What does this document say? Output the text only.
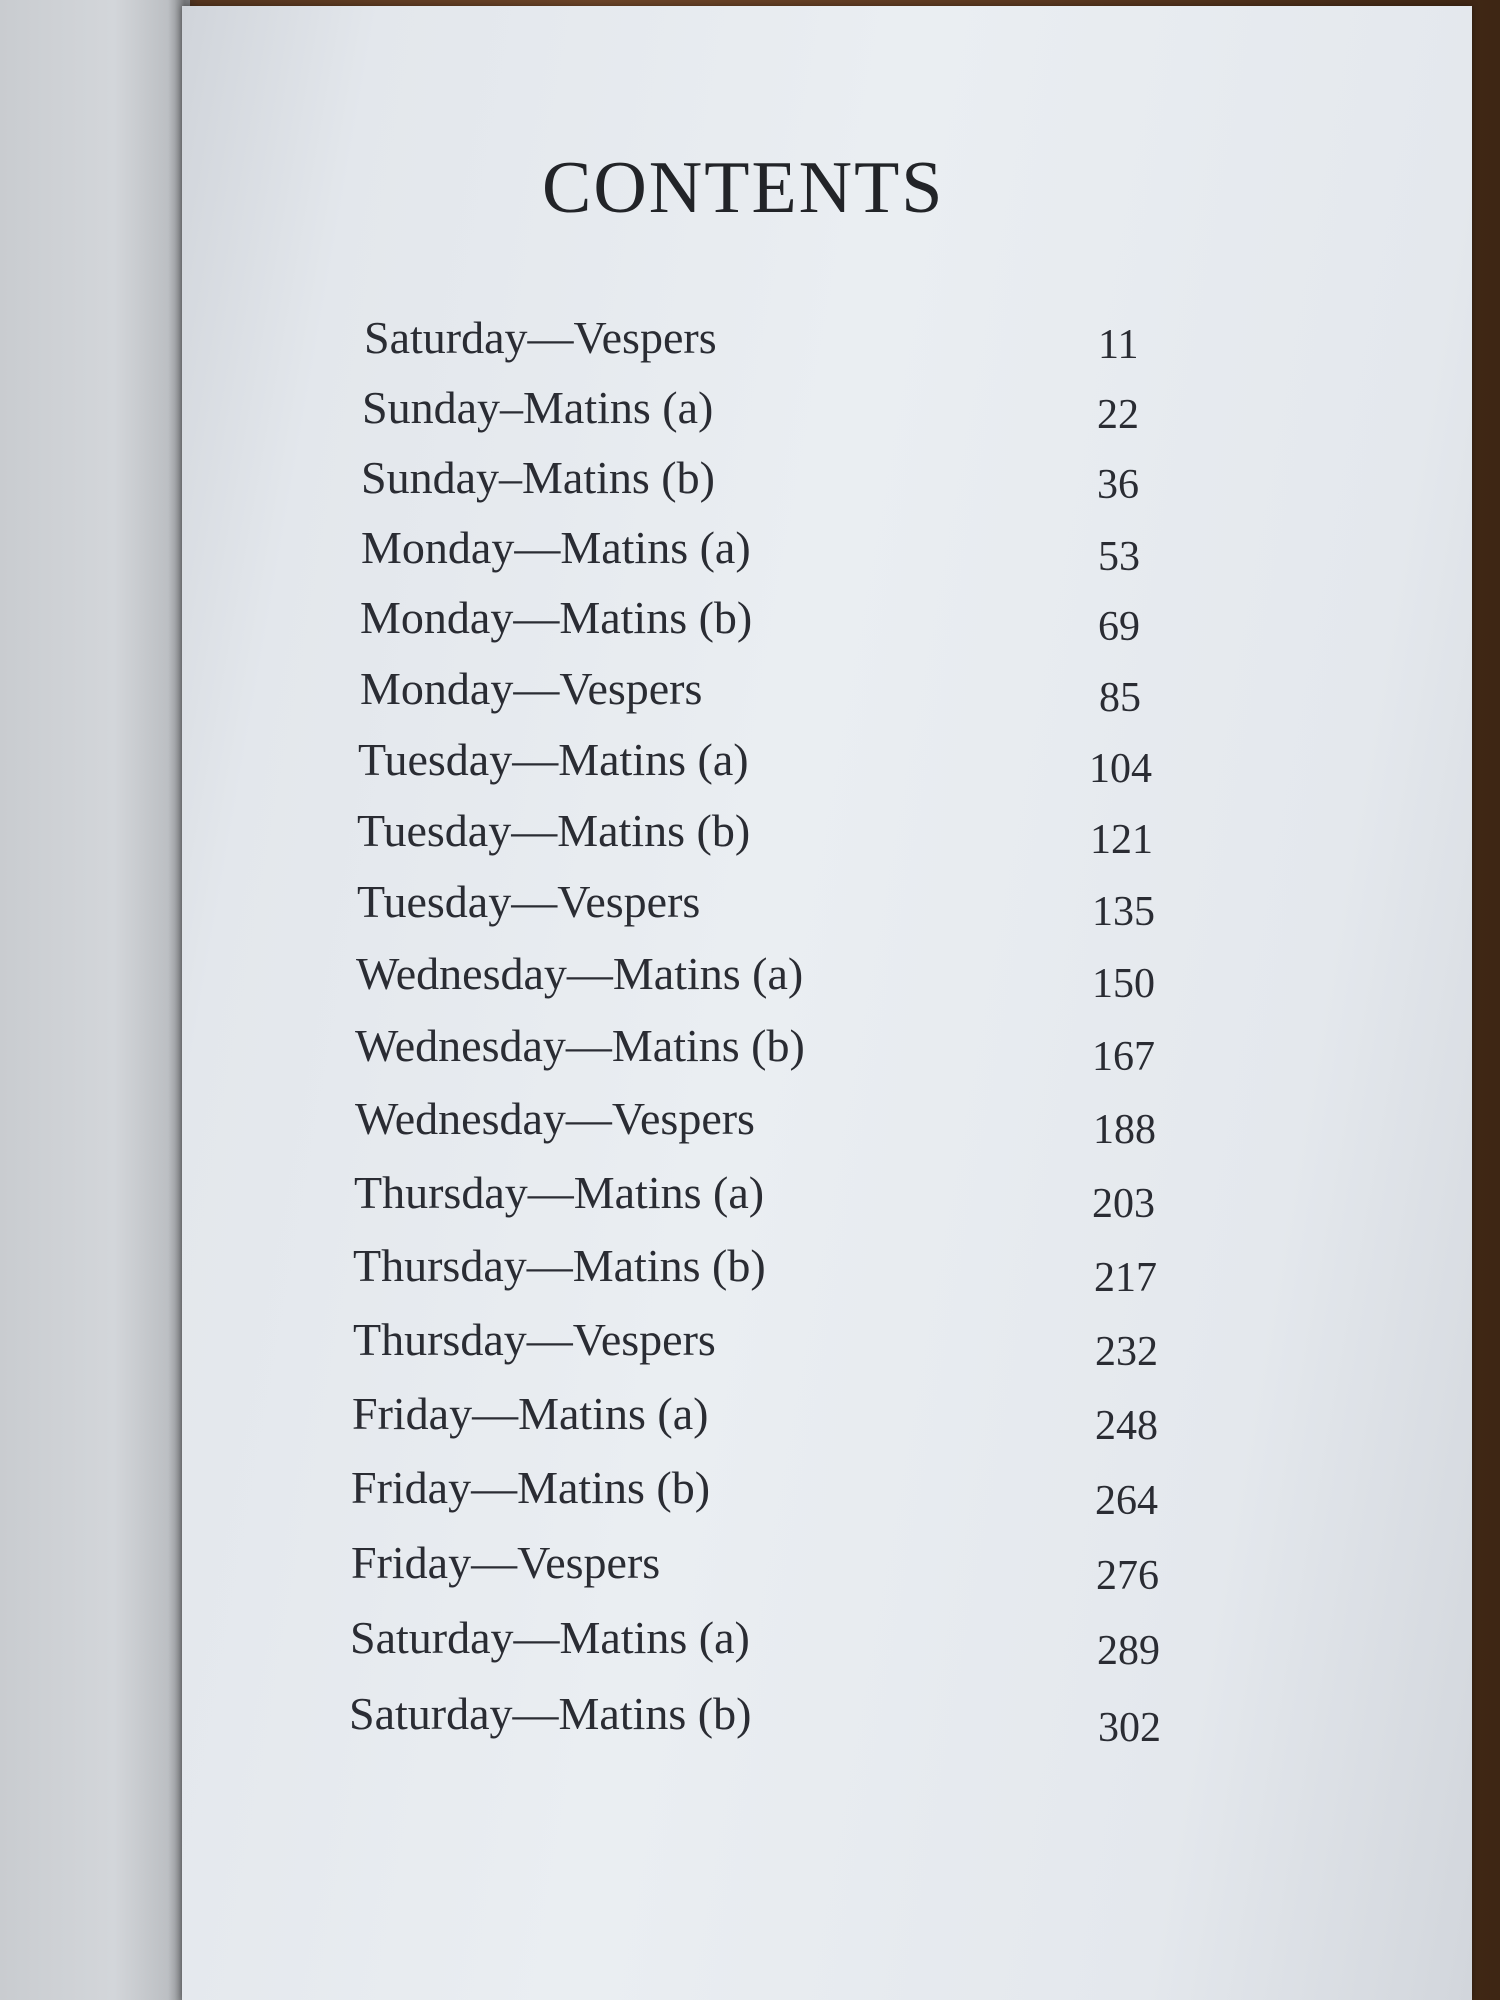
CONTENTS
Saturday—Vespers	11
Sunday–Matins (a)	22
Sunday–Matins (b)	36
Monday—Matins (a)	53
Monday—Matins (b)	69
Monday—Vespers	85
Tuesday—Matins (a)	104
Tuesday—Matins (b)	121
Tuesday—Vespers	135
Wednesday—Matins (a)	150
Wednesday—Matins (b)	167
Wednesday—Vespers	188
Thursday—Matins (a)	203
Thursday—Matins (b)	217
Thursday—Vespers	232
Friday—Matins (a)	248
Friday—Matins (b)	264
Friday—Vespers	276
Saturday—Matins (a)	289
Saturday—Matins (b)	302
